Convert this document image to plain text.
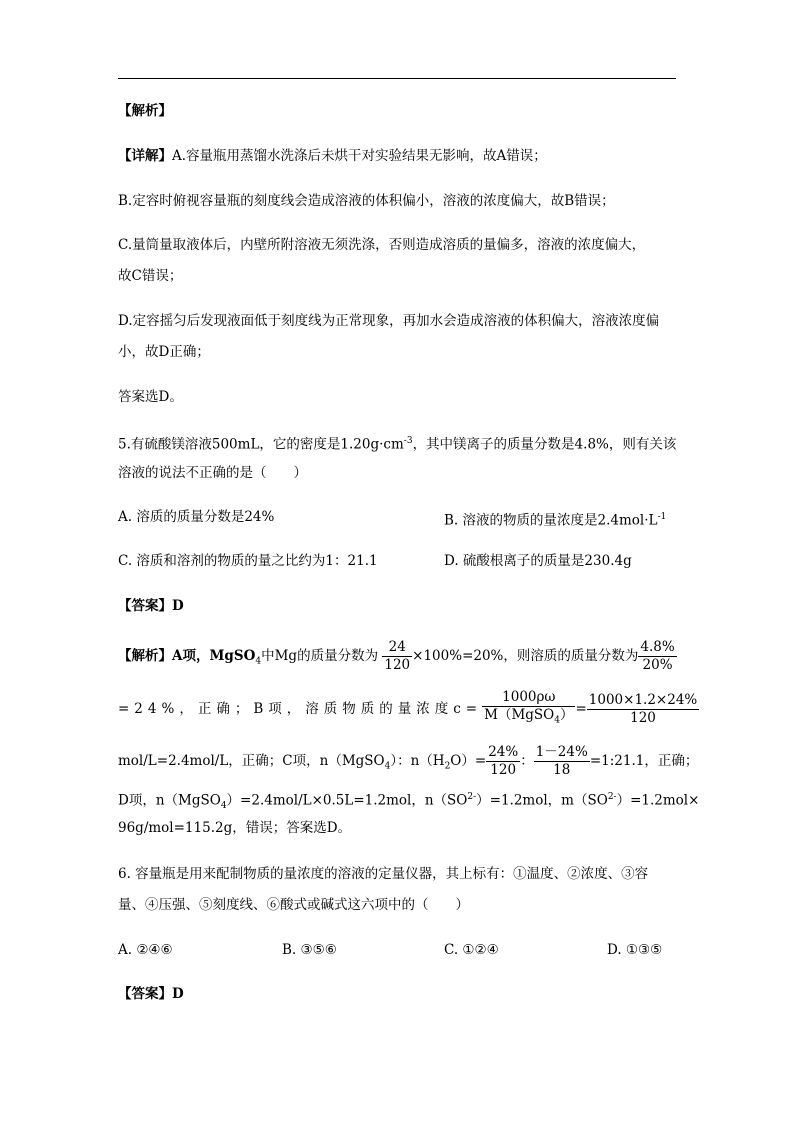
【解析】
【详解】A.容量瓶用蒸馏水洗涤后未烘干对实验结果无影响，故A错误；
B.定容时俯视容量瓶的刻度线会造成溶液的体积偏小，溶液的浓度偏大，故B错误；
C.量筒量取液体后，内壁所附溶液无须洗涤，否则造成溶质的量偏多，溶液的浓度偏大，
故C错误；
D.定容摇匀后发现液面低于刻度线为正常现象，再加水会造成溶液的体积偏大，溶液浓度偏
小，故D正确；
答案选D。
5.有硫酸镁溶液500mL，它的密度是$1.20g\cdot cm^{-3}$，其中镁离子的质量分数是4.8%，则有关该
溶液的说法不正确的是（　　）
A. 溶质的质量分数是24%	B. 溶液的物质的量浓度是$2.4mol\cdot L^{-1}$
C. 溶质和溶剂的物质的量之比约为1：21.1	D. 硫酸根离子的质量是230.4g
【答案】D
【解析】A项，MgSO$_4$中Mg的质量分数为 $\frac{24}{120} \times 100\%=20\%$，则溶质的质量分数为 $\frac{4.8\%}{20\%}$
=24%，正确；B项，溶质物质的量浓度$c= \frac{1000\rho\omega}{M(MgSO_4)} = \frac{1000\times 1.2\times 24\%}{120}$
mol/L=2.4mol/L，正确；C项，n（MgSO$_4$）：$n(H_2O)= \frac{24\%}{120}$ ： $\frac{1-24\%}{18}$ =1:21.1，正确；
D项，n（MgSO$_4$）=2.4mol/L×0.5L=1.2mol，$n(SO^{2-})=1.2mol$，$m(SO^{2-})=1.2mol\times$
96g/mol=115.2g，错误；答案选D。
6. 容量瓶是用来配制物质的量浓度的溶液的定量仪器，其上标有：①温度、②浓度、③容
量、④压强、⑤刻度线、⑥酸式或碱式这六项中的（　　）
A. ②④⑥	B. ③⑤⑥	C. ①②④	D. ①③⑤
【答案】D
